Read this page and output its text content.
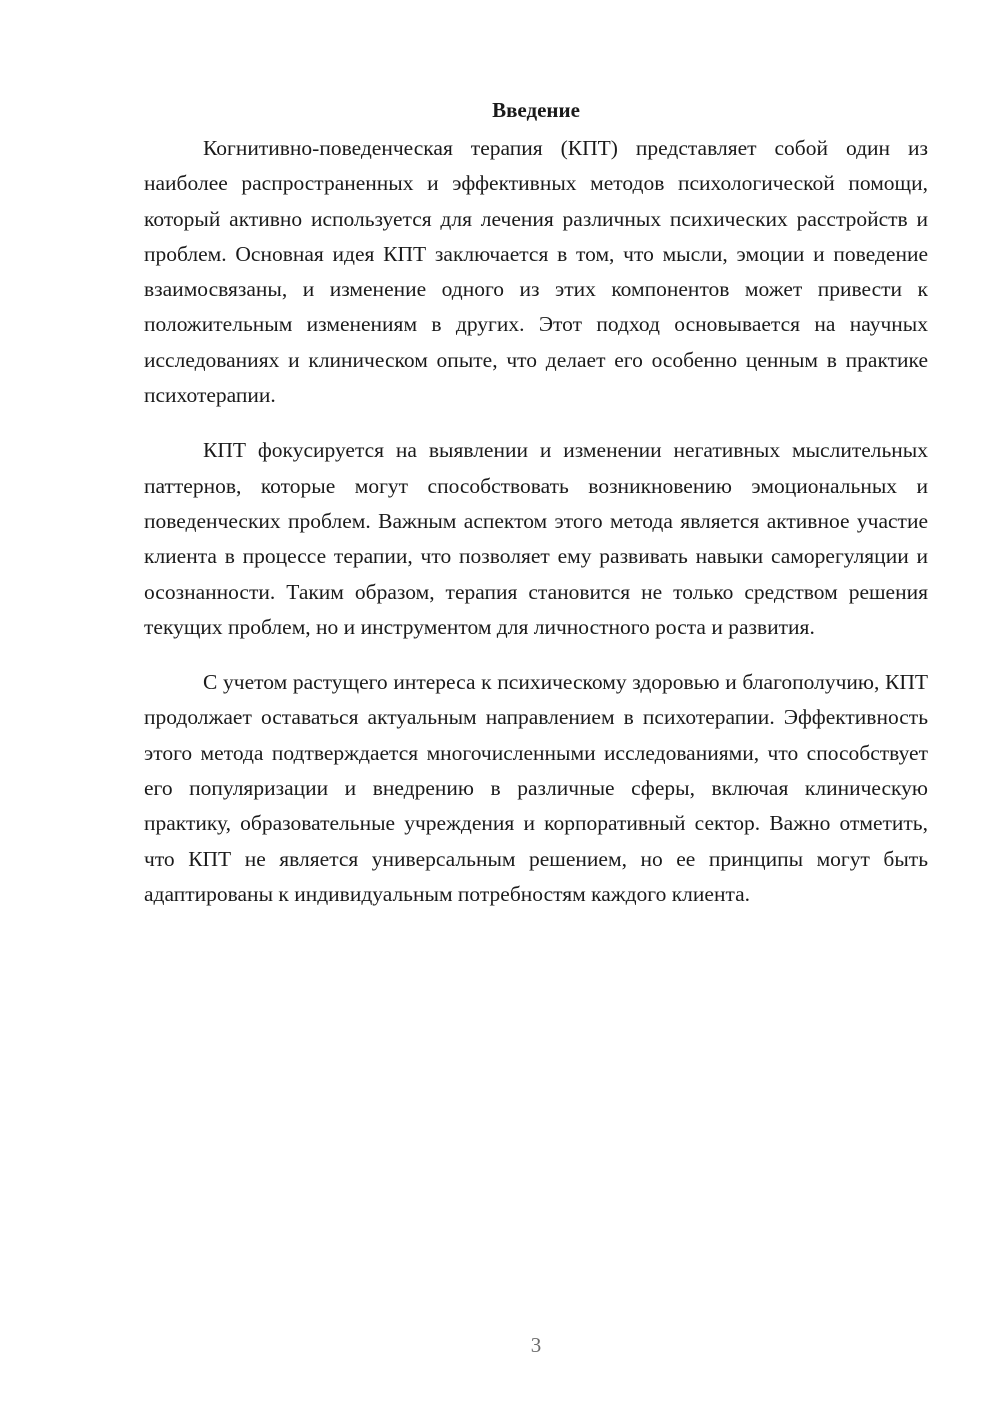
Введение

Когнитивно-поведенческая терапия (КПТ) представляет собой один из наиболее распространенных и эффективных методов психологической помощи, который активно используется для лечения различных психических расстройств и проблем. Основная идея КПТ заключается в том, что мысли, эмоции и поведение взаимосвязаны, и изменение одного из этих компонентов может привести к положительным изменениям в других. Этот подход основывается на научных исследованиях и клиническом опыте, что делает его особенно ценным в практике психотерапии.

КПТ фокусируется на выявлении и изменении негативных мыслительных паттернов, которые могут способствовать возникновению эмоциональных и поведенческих проблем. Важным аспектом этого метода является активное участие клиента в процессе терапии, что позволяет ему развивать навыки саморегуляции и осознанности. Таким образом, терапия становится не только средством решения текущих проблем, но и инструментом для личностного роста и развития.

С учетом растущего интереса к психическому здоровью и благополучию, КПТ продолжает оставаться актуальным направлением в психотерапии. Эффективность этого метода подтверждается многочисленными исследованиями, что способствует его популяризации и внедрению в различные сферы, включая клиническую практику, образовательные учреждения и корпоративный сектор. Важно отметить, что КПТ не является универсальным решением, но ее принципы могут быть адаптированы к индивидуальным потребностям каждого клиента.

3
